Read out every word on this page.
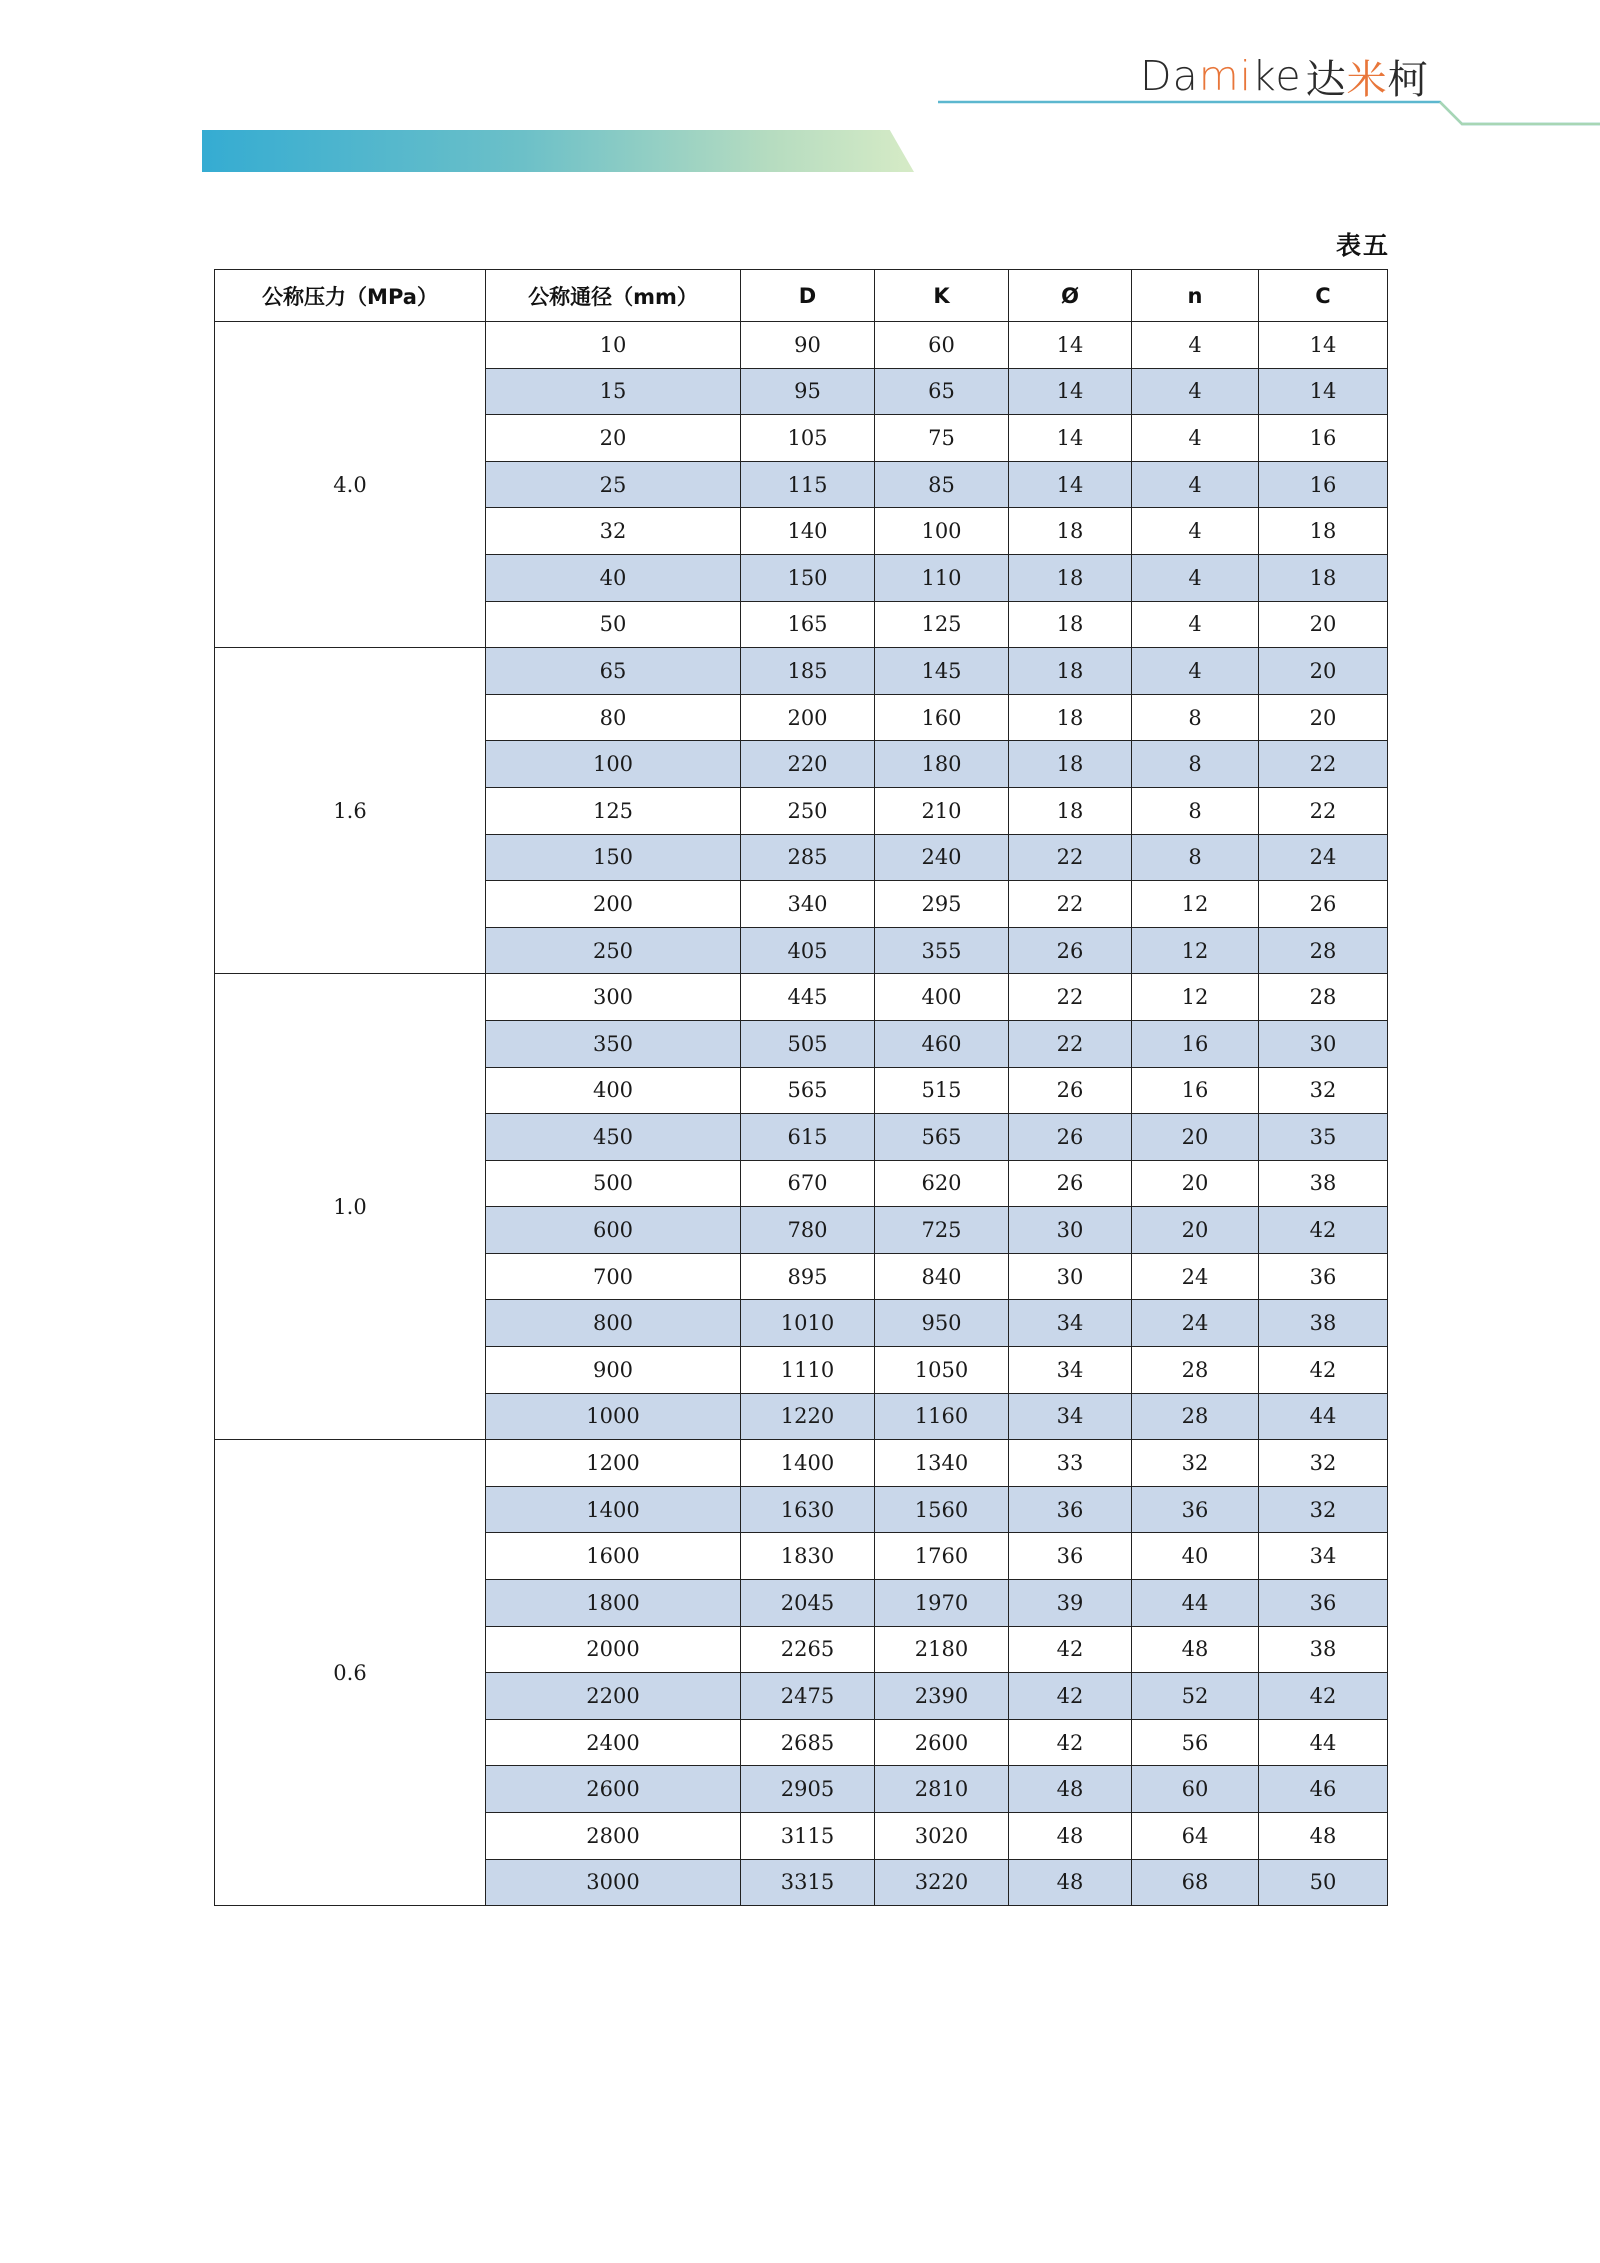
Da mi ke 达米柯
表五
公称压力（MPa）	公称通径（mm）	D	K	Ø	n	C
4.0	10	90	60	14	4	14
	15	95	65	14	4	14
	20	105	75	14	4	16
	25	115	85	14	4	16
	32	140	100	18	4	18
	40	150	110	18	4	18
	50	165	125	18	4	20
1.6	65	185	145	18	4	20
	80	200	160	18	8	20
	100	220	180	18	8	22
	125	250	210	18	8	22
	150	285	240	22	8	24
	200	340	295	22	12	26
	250	405	355	26	12	28
1.0	300	445	400	22	12	28
	350	505	460	22	16	30
	400	565	515	26	16	32
	450	615	565	26	20	35
	500	670	620	26	20	38
	600	780	725	30	20	42
	700	895	840	30	24	36
	800	1010	950	34	24	38
	900	1110	1050	34	28	42
	1000	1220	1160	34	28	44
0.6	1200	1400	1340	33	32	32
	1400	1630	1560	36	36	32
	1600	1830	1760	36	40	34
	1800	2045	1970	39	44	36
	2000	2265	2180	42	48	38
	2200	2475	2390	42	52	42
	2400	2685	2600	42	56	44
	2600	2905	2810	48	60	46
	2800	3115	3020	48	64	48
	3000	3315	3220	48	68	50
